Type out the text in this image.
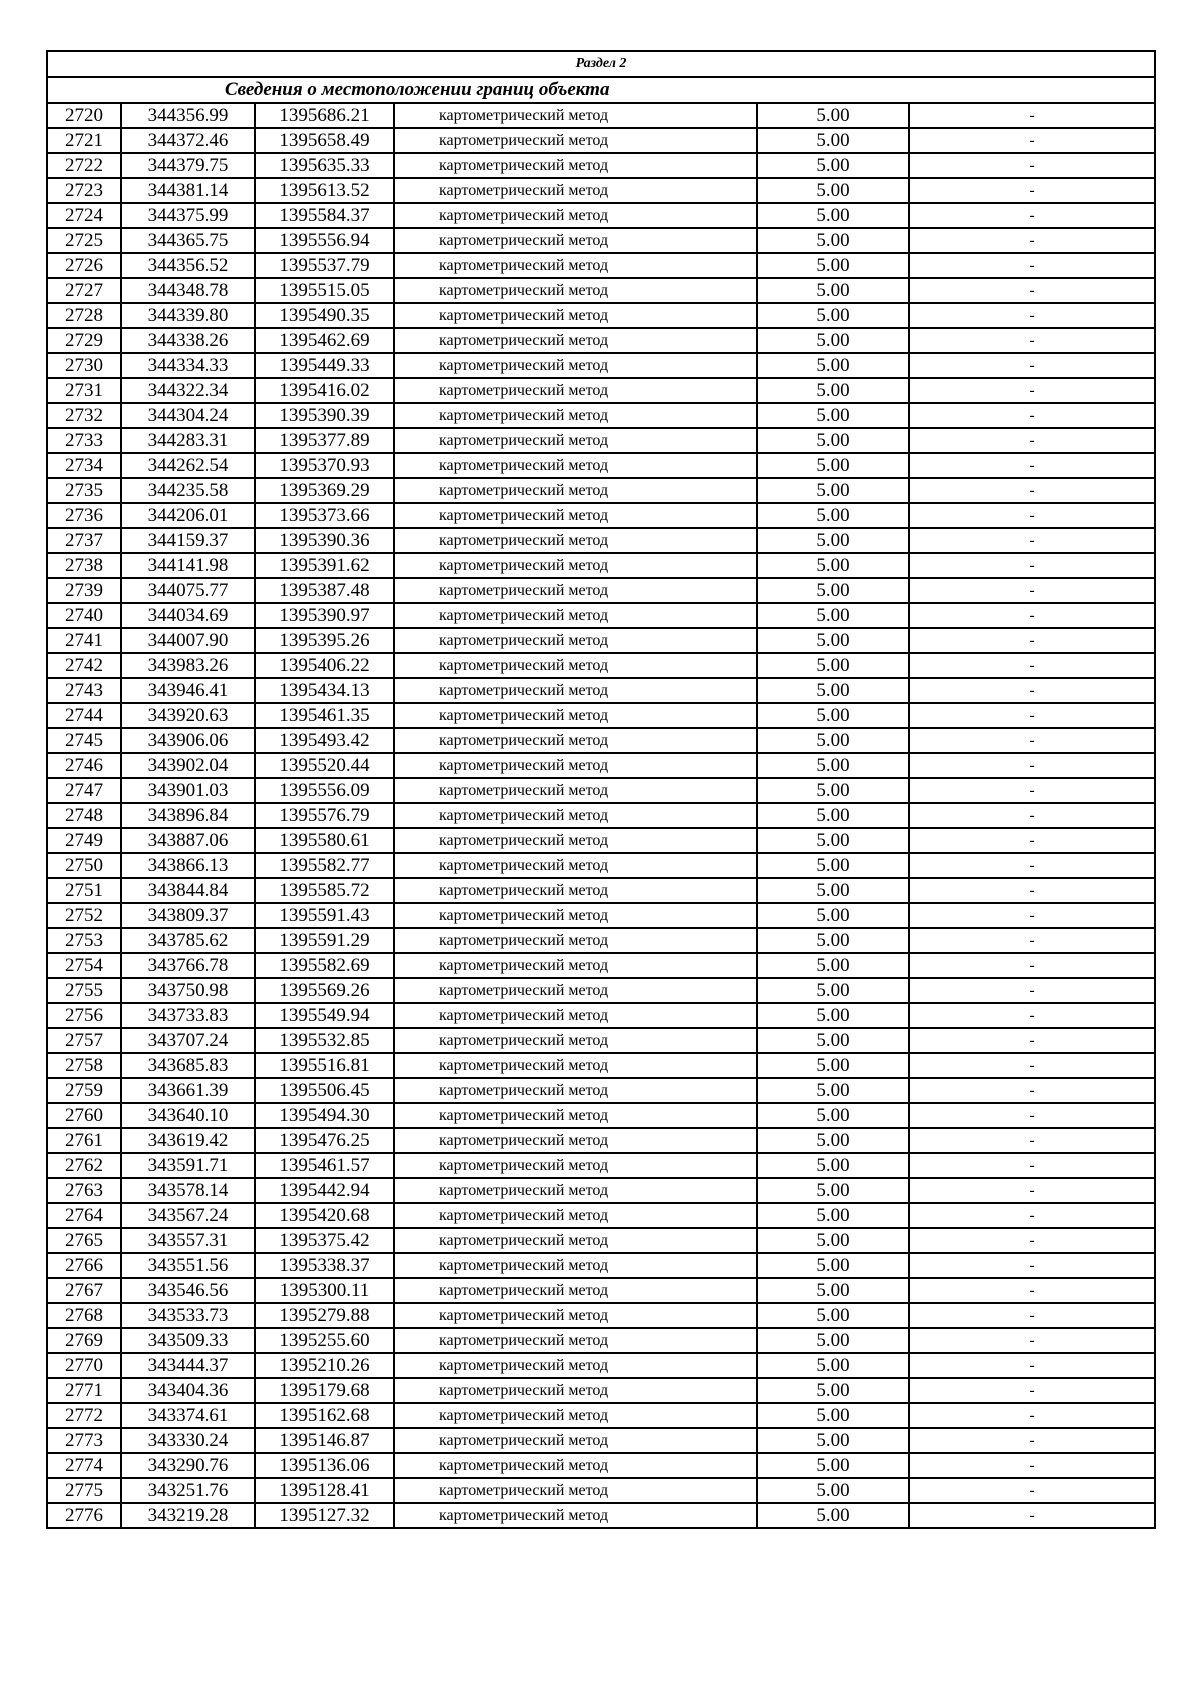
Раздел 2					
Сведения о местоположении границ объекта					
2720	344356.99	1395686.21	картометрический метод	5.00	-
2721	344372.46	1395658.49	картометрический метод	5.00	-
2722	344379.75	1395635.33	картометрический метод	5.00	-
2723	344381.14	1395613.52	картометрический метод	5.00	-
2724	344375.99	1395584.37	картометрический метод	5.00	-
2725	344365.75	1395556.94	картометрический метод	5.00	-
2726	344356.52	1395537.79	картометрический метод	5.00	-
2727	344348.78	1395515.05	картометрический метод	5.00	-
2728	344339.80	1395490.35	картометрический метод	5.00	-
2729	344338.26	1395462.69	картометрический метод	5.00	-
2730	344334.33	1395449.33	картометрический метод	5.00	-
2731	344322.34	1395416.02	картометрический метод	5.00	-
2732	344304.24	1395390.39	картометрический метод	5.00	-
2733	344283.31	1395377.89	картометрический метод	5.00	-
2734	344262.54	1395370.93	картометрический метод	5.00	-
2735	344235.58	1395369.29	картометрический метод	5.00	-
2736	344206.01	1395373.66	картометрический метод	5.00	-
2737	344159.37	1395390.36	картометрический метод	5.00	-
2738	344141.98	1395391.62	картометрический метод	5.00	-
2739	344075.77	1395387.48	картометрический метод	5.00	-
2740	344034.69	1395390.97	картометрический метод	5.00	-
2741	344007.90	1395395.26	картометрический метод	5.00	-
2742	343983.26	1395406.22	картометрический метод	5.00	-
2743	343946.41	1395434.13	картометрический метод	5.00	-
2744	343920.63	1395461.35	картометрический метод	5.00	-
2745	343906.06	1395493.42	картометрический метод	5.00	-
2746	343902.04	1395520.44	картометрический метод	5.00	-
2747	343901.03	1395556.09	картометрический метод	5.00	-
2748	343896.84	1395576.79	картометрический метод	5.00	-
2749	343887.06	1395580.61	картометрический метод	5.00	-
2750	343866.13	1395582.77	картометрический метод	5.00	-
2751	343844.84	1395585.72	картометрический метод	5.00	-
2752	343809.37	1395591.43	картометрический метод	5.00	-
2753	343785.62	1395591.29	картометрический метод	5.00	-
2754	343766.78	1395582.69	картометрический метод	5.00	-
2755	343750.98	1395569.26	картометрический метод	5.00	-
2756	343733.83	1395549.94	картометрический метод	5.00	-
2757	343707.24	1395532.85	картометрический метод	5.00	-
2758	343685.83	1395516.81	картометрический метод	5.00	-
2759	343661.39	1395506.45	картометрический метод	5.00	-
2760	343640.10	1395494.30	картометрический метод	5.00	-
2761	343619.42	1395476.25	картометрический метод	5.00	-
2762	343591.71	1395461.57	картометрический метод	5.00	-
2763	343578.14	1395442.94	картометрический метод	5.00	-
2764	343567.24	1395420.68	картометрический метод	5.00	-
2765	343557.31	1395375.42	картометрический метод	5.00	-
2766	343551.56	1395338.37	картометрический метод	5.00	-
2767	343546.56	1395300.11	картометрический метод	5.00	-
2768	343533.73	1395279.88	картометрический метод	5.00	-
2769	343509.33	1395255.60	картометрический метод	5.00	-
2770	343444.37	1395210.26	картометрический метод	5.00	-
2771	343404.36	1395179.68	картометрический метод	5.00	-
2772	343374.61	1395162.68	картометрический метод	5.00	-
2773	343330.24	1395146.87	картометрический метод	5.00	-
2774	343290.76	1395136.06	картометрический метод	5.00	-
2775	343251.76	1395128.41	картометрический метод	5.00	-
2776	343219.28	1395127.32	картометрический метод	5.00	-
